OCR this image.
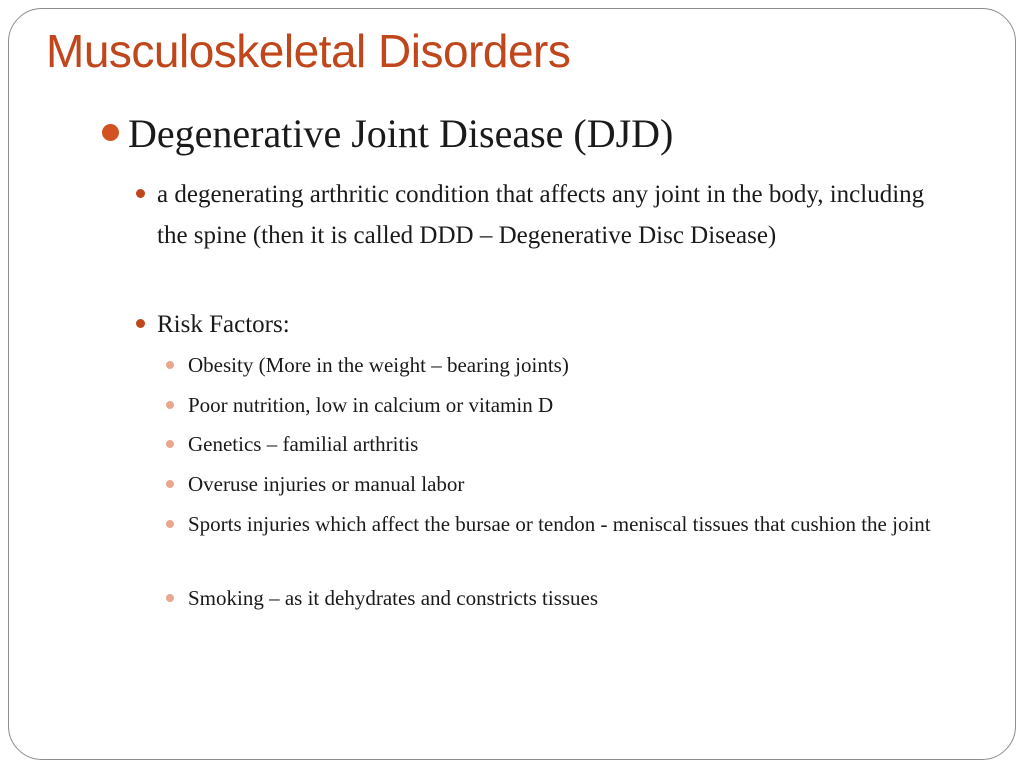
Musculoskeletal Disorders
Degenerative Joint Disease (DJD)
a degenerating arthritic condition that affects any joint in the body, including the spine (then it is called DDD – Degenerative Disc Disease)
Risk Factors:
Obesity (More in the weight – bearing joints)
Poor nutrition, low in calcium or vitamin D
Genetics – familial arthritis
Overuse injuries or manual labor
Sports injuries which affect the bursae or tendon - meniscal tissues that cushion the joint
Smoking – as it dehydrates and constricts tissues
